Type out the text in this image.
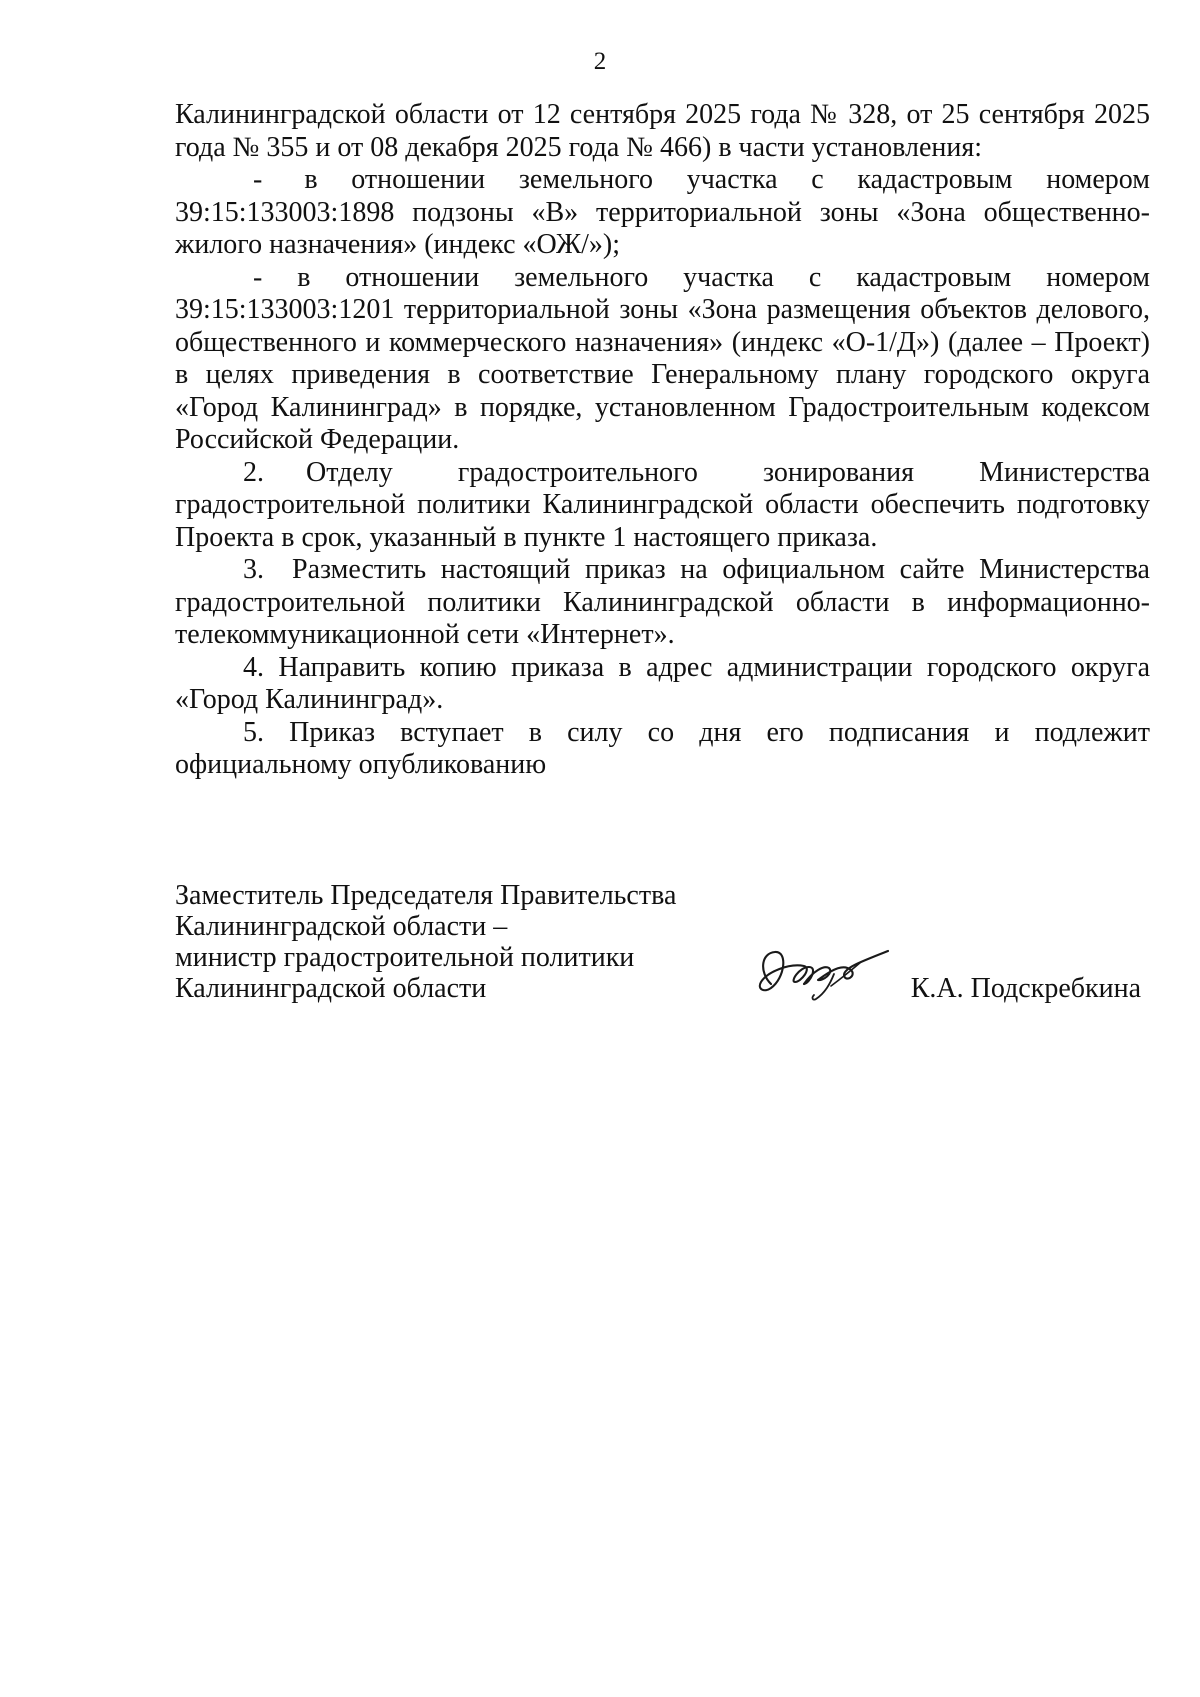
2

Калининградской области от 12 сентября 2025 года № 328, от 25 сентября 2025 года № 355 и от 08 декабря 2025 года № 466) в части установления:

-  в отношении земельного участка с кадастровым номером 39:15:133003:1898 подзоны «В» территориальной зоны «Зона общественно-жилого назначения» (индекс «ОЖ/»);

- в отношении земельного участка с кадастровым номером 39:15:133003:1201 территориальной зоны «Зона размещения объектов делового, общественного и коммерческого назначения» (индекс «О-1/Д») (далее – Проект) в целях приведения в соответствие Генеральному плану городского округа «Город Калининград» в порядке, установленном Градостроительным кодексом Российской Федерации.

2.  Отделу градостроительного зонирования Министерства градостроительной политики Калининградской области обеспечить подготовку Проекта в срок, указанный в пункте 1 настоящего приказа.

3. Разместить настоящий приказ на официальном сайте Министерства градостроительной политики Калининградской области в информационно-телекоммуникационной сети «Интернет».

4. Направить копию приказа в адрес администрации городского округа «Город Калининград».

5. Приказ вступает в силу со дня его подписания и подлежит официальному опубликованию

Заместитель Председателя Правительства
Калининградской области –
министр градостроительной политики
Калининградской области	К.А. Подскребкина
